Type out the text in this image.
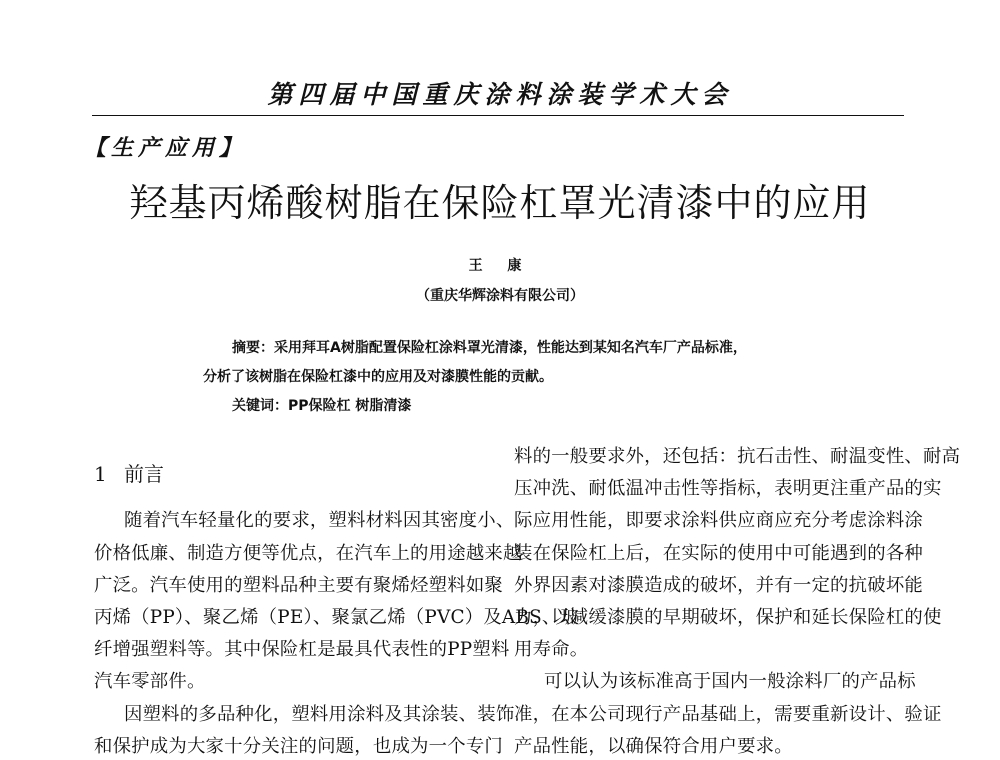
第四届中国重庆涂料涂装学术大会
【生产应用】
羟基丙烯酸树脂在保险杠罩光清漆中的应用
王 康
（重庆华辉涂料有限公司）
摘要：采用拜耳A树脂配置保险杠涂料罩光清漆，性能达到某知名汽车厂产品标准，
分析了该树脂在保险杠漆中的应用及对漆膜性能的贡献。
关键词：PP保险杠 树脂清漆
1 前言
随着汽车轻量化的要求，塑料材料因其密度小、
价格低廉、制造方便等优点，在汽车上的用途越来越
广泛。汽车使用的塑料品种主要有聚烯烃塑料如聚
丙烯（PP）、聚乙烯（PE）、聚氯乙烯（PVC）及ABS、玻
纤增强塑料等。其中保险杠是最具代表性的PP塑料
汽车零部件。
因塑料的多品种化，塑料用涂料及其涂装、装饰
和保护成为大家十分关注的问题，也成为一个专门
料的一般要求外，还包括：抗石击性、耐温变性、耐高
压冲洗、耐低温冲击性等指标，表明更注重产品的实
际应用性能，即要求涂料供应商应充分考虑涂料涂
装在保险杠上后，在实际的使用中可能遇到的各种
外界因素对漆膜造成的破坏，并有一定的抗破坏能
力，以减缓漆膜的早期破坏，保护和延长保险杠的使
用寿命。
可以认为该标准高于国内一般涂料厂的产品标
准，在本公司现行产品基础上，需要重新设计、验证
产品性能，以确保符合用户要求。
